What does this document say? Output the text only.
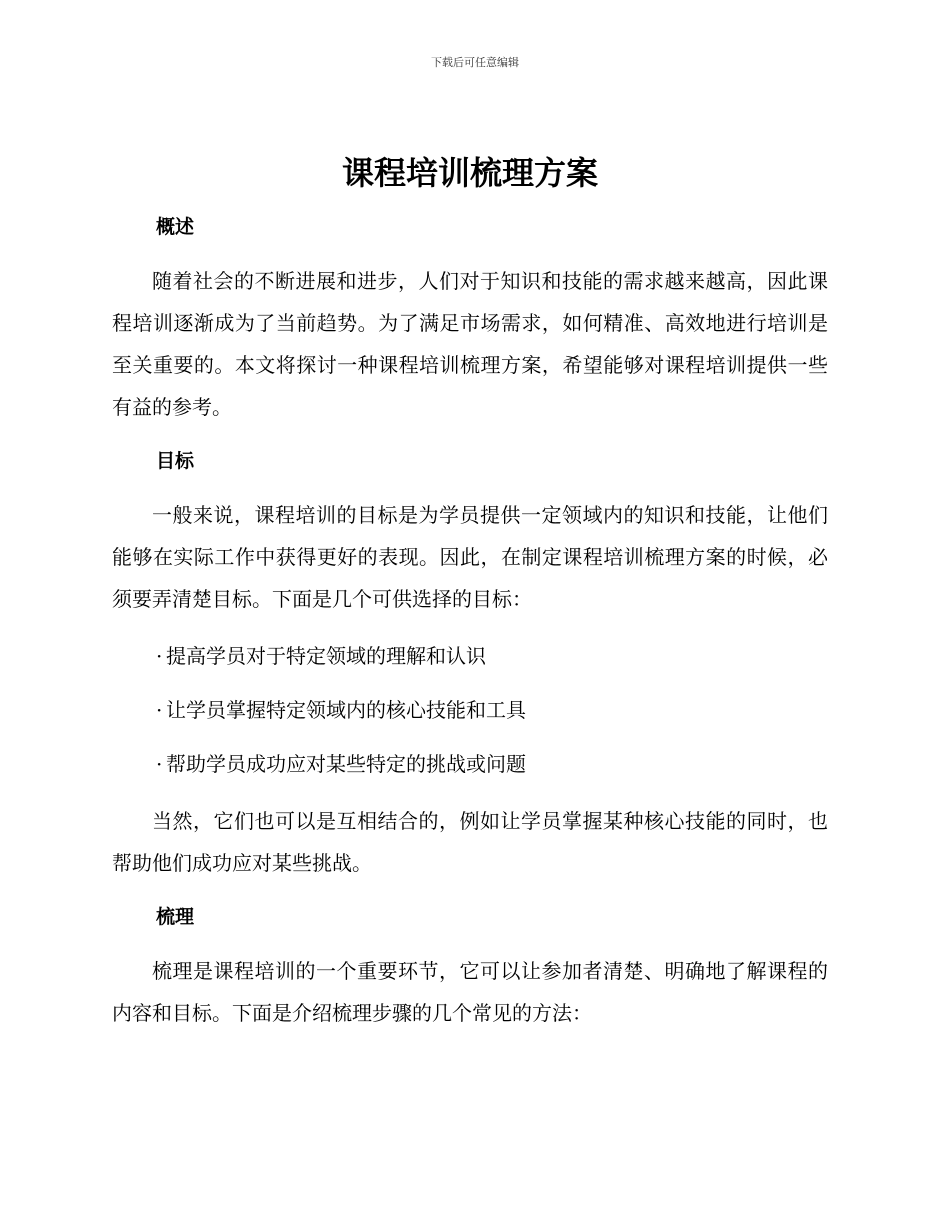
下载后可任意编辑
课程培训梳理方案
概述

随着社会的不断进展和进步，人们对于知识和技能的需求越来越高，因此课程培训逐渐成为了当前趋势。为了满足市场需求，如何精准、高效地进行培训是至关重要的。本文将探讨一种课程培训梳理方案，希望能够对课程培训提供一些有益的参考。

目标

一般来说，课程培训的目标是为学员提供一定领域内的知识和技能，让他们能够在实际工作中获得更好的表现。因此，在制定课程培训梳理方案的时候，必须要弄清楚目标。下面是几个可供选择的目标：

· 提高学员对于特定领域的理解和认识
· 让学员掌握特定领域内的核心技能和工具
· 帮助学员成功应对某些特定的挑战或问题

当然，它们也可以是互相结合的，例如让学员掌握某种核心技能的同时，也帮助他们成功应对某些挑战。

梳理

梳理是课程培训的一个重要环节，它可以让参加者清楚、明确地了解课程的内容和目标。下面是介绍梳理步骤的几个常见的方法：
